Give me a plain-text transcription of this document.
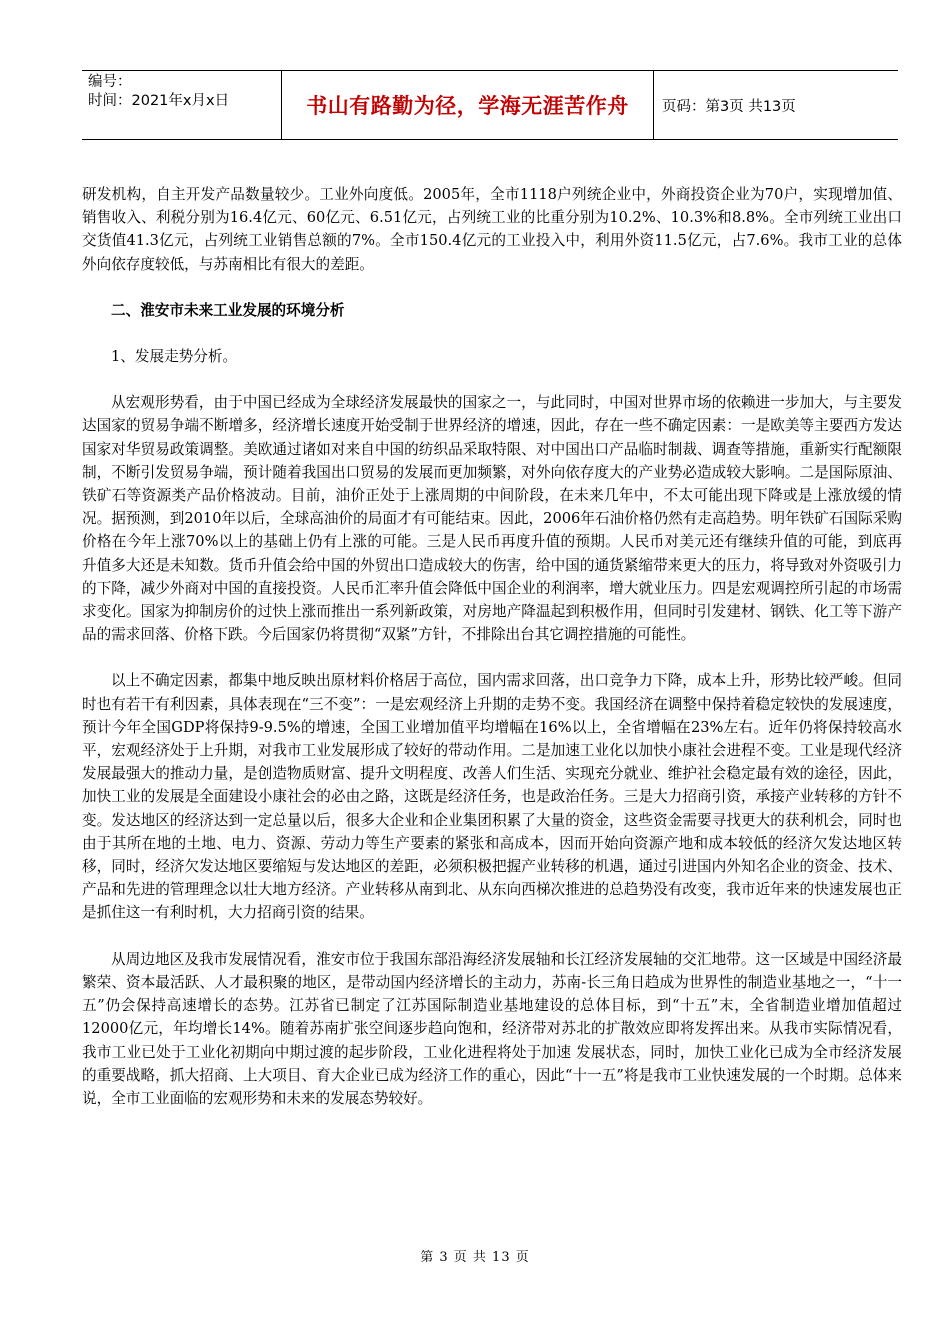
编号：
时间：2021年x月x日	书山有路勤为径，学海无涯苦作舟	页码：第3页 共13页

研发机构，自主开发产品数量较少。工业外向度低。2005年，全市1118户列统企业中，外商投资企业为70户，实现增加值、销售收入、利税分别为16.4亿元、60亿元、6.51亿元，占列统工业的比重分别为10.2%、10.3%和8.8%。全市列统工业出口交货值41.3亿元，占列统工业销售总额的7%。全市150.4亿元的工业投入中，利用外资11.5亿元，占7.6%。我市工业的总体外向依存度较低，与苏南相比有很大的差距。

二、淮安市未来工业发展的环境分析

1、发展走势分析。

从宏观形势看，由于中国已经成为全球经济发展最快的国家之一，与此同时，中国对世界市场的依赖进一步加大，与主要发达国家的贸易争端不断增多，经济增长速度开始受制于世界经济的增速，因此，存在一些不确定因素：一是欧美等主要西方发达国家对华贸易政策调整。美欧通过诸如对来自中国的纺织品采取特限、对中国出口产品临时制裁、调查等措施，重新实行配额限制，不断引发贸易争端，预计随着我国出口贸易的发展而更加频繁，对外向依存度大的产业势必造成较大影响。二是国际原油、铁矿石等资源类产品价格波动。目前，油价正处于上涨周期的中间阶段，在未来几年中，不太可能出现下降或是上涨放缓的情况。据预测，到2010年以后，全球高油价的局面才有可能结束。因此，2006年石油价格仍然有走高趋势。明年铁矿石国际采购价格在今年上涨70%以上的基础上仍有上涨的可能。三是人民币再度升值的预期。人民币对美元还有继续升值的可能，到底再升值多大还是未知数。货币升值会给中国的外贸出口造成较大的伤害，给中国的通货紧缩带来更大的压力，将导致对外资吸引力的下降，减少外商对中国的直接投资。人民币汇率升值会降低中国企业的利润率，增大就业压力。四是宏观调控所引起的市场需求变化。国家为抑制房价的过快上涨而推出一系列新政策，对房地产降温起到积极作用，但同时引发建材、钢铁、化工等下游产品的需求回落、价格下跌。今后国家仍将贯彻“双紧”方针，不排除出台其它调控措施的可能性。

以上不确定因素，都集中地反映出原材料价格居于高位，国内需求回落，出口竞争力下降，成本上升，形势比较严峻。但同时也有若干有利因素，具体表现在“三不变”：一是宏观经济上升期的走势不变。我国经济在调整中保持着稳定较快的发展速度，预计今年全国GDP将保持9-9.5%的增速，全国工业增加值平均增幅在16%以上，全省增幅在23%左右。近年仍将保持较高水平，宏观经济处于上升期，对我市工业发展形成了较好的带动作用。二是加速工业化以加快小康社会进程不变。工业是现代经济发展最强大的推动力量，是创造物质财富、提升文明程度、改善人们生活、实现充分就业、维护社会稳定最有效的途径，因此，加快工业的发展是全面建设小康社会的必由之路，这既是经济任务，也是政治任务。三是大力招商引资，承接产业转移的方针不变。发达地区的经济达到一定总量以后，很多大企业和企业集团积累了大量的资金，这些资金需要寻找更大的获利机会，同时也由于其所在地的土地、电力、资源、劳动力等生产要素的紧张和高成本，因而开始向资源产地和成本较低的经济欠发达地区转移，同时，经济欠发达地区要缩短与发达地区的差距，必须积极把握产业转移的机遇，通过引进国内外知名企业的资金、技术、产品和先进的管理理念以壮大地方经济。产业转移从南到北、从东向西梯次推进的总趋势没有改变，我市近年来的快速发展也正是抓住这一有利时机，大力招商引资的结果。

从周边地区及我市发展情况看，淮安市位于我国东部沿海经济发展轴和长江经济发展轴的交汇地带。这一区域是中国经济最繁荣、资本最活跃、人才最积聚的地区，是带动国内经济增长的主动力，苏南-长三角日趋成为世界性的制造业基地之一，“十一五”仍会保持高速增长的态势。江苏省已制定了江苏国际制造业基地建设的总体目标，到“十五”末，全省制造业增加值超过12000亿元，年均增长14%。随着苏南扩张空间逐步趋向饱和，经济带对苏北的扩散效应即将发挥出来。从我市实际情况看，我市工业已处于工业化初期向中期过渡的起步阶段，工业化进程将处于加速 发展状态，同时，加快工业化已成为全市经济发展的重要战略，抓大招商、上大项目、育大企业已成为经济工作的重心，因此“十一五”将是我市工业快速发展的一个时期。总体来说，全市工业面临的宏观形势和未来的发展态势较好。

第 3 页 共 13 页
